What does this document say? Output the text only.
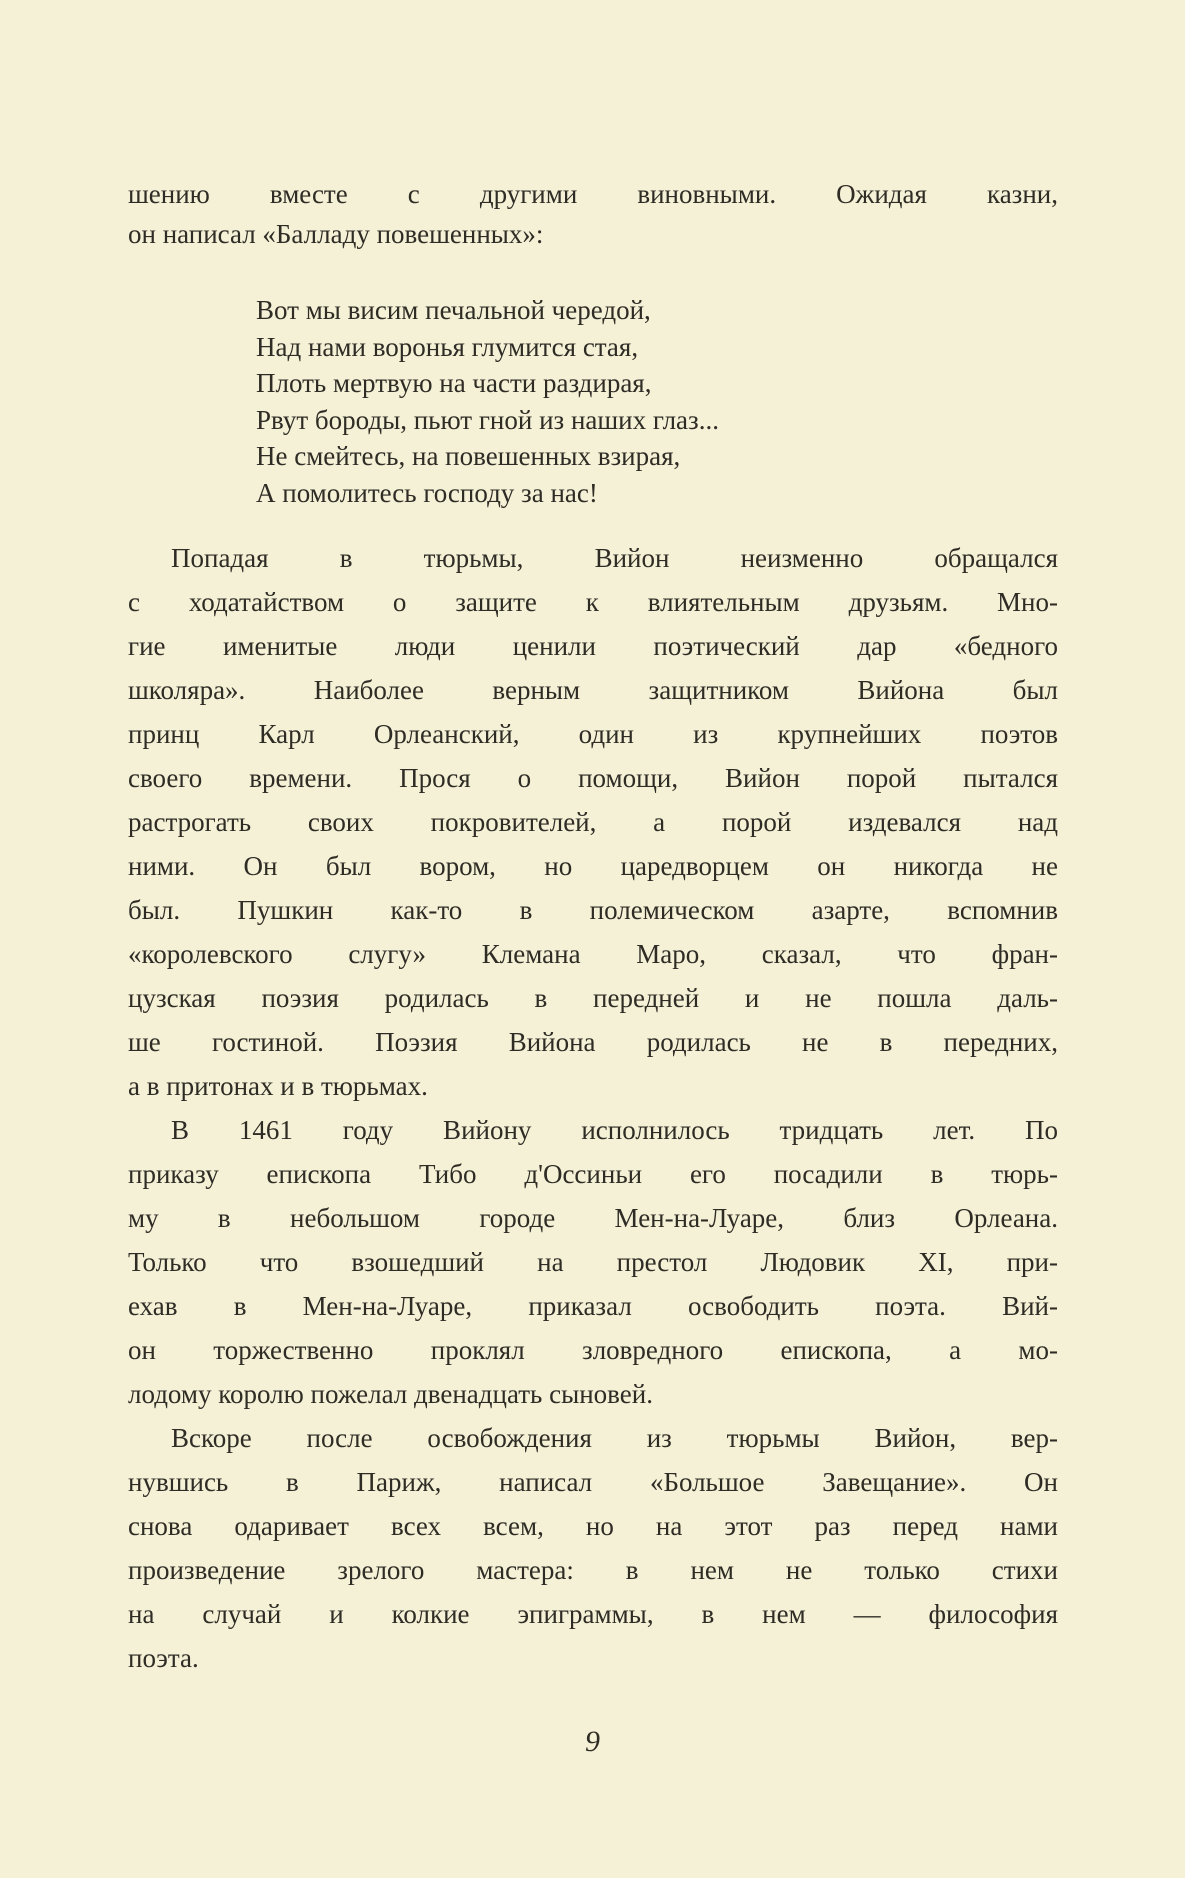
шению вместе с другими виновными. Ожидая казни,
он написал «Балладу повешенных»:
Вот мы висим печальной чередой,
Над нами воронья глумится стая,
Плоть мертвую на части раздирая,
Рвут бороды, пьют гной из наших глаз...
Не смейтесь, на повешенных взирая,
А помолитесь господу за нас!
Попадая в тюрьмы, Вийон неизменно обращался
с ходатайством о защите к влиятельным друзьям. Мно-
гие именитые люди ценили поэтический дар «бедного
школяра». Наиболее верным защитником Вийона был
принц Карл Орлеанский, один из крупнейших поэтов
своего времени. Прося о помощи, Вийон порой пытался
растрогать своих покровителей, а порой издевался над
ними. Он был вором, но царедворцем он никогда не
был. Пушкин как-то в полемическом азарте, вспомнив
«королевского слугу» Клемана Маро, сказал, что фран-
цузская поэзия родилась в передней и не пошла даль-
ше гостиной. Поэзия Вийона родилась не в передних,
а в притонах и в тюрьмах.
В 1461 году Вийону исполнилось тридцать лет. По
приказу епископа Тибо д'Оссиньи его посадили в тюрь-
му в небольшом городе Мен-на-Луаре, близ Орлеана.
Только что взошедший на престол Людовик XI, при-
ехав в Мен-на-Луаре, приказал освободить поэта. Вий-
он торжественно проклял зловредного епископа, а мо-
лодому королю пожелал двенадцать сыновей.
Вскоре после освобождения из тюрьмы Вийон, вер-
нувшись в Париж, написал «Большое Завещание». Он
снова одаривает всех всем, но на этот раз перед нами
произведение зрелого мастера: в нем не только стихи
на случай и колкие эпиграммы, в нем — философия
поэта.
9
